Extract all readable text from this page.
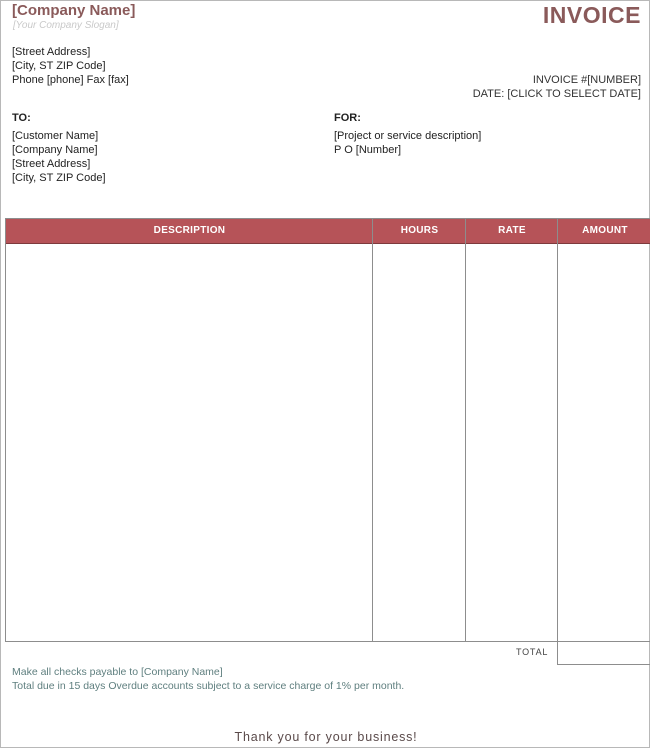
[Company Name]
[Your Company Slogan]	INVOICE
[Street Address]
[City, ST ZIP Code]
Phone [phone] Fax [fax]	INVOICE #[NUMBER]
DATE: [CLICK TO SELECT DATE]
TO:	FOR:
[Customer Name]
[Company Name]
[Street Address]
[City, ST ZIP Code]
[Project or service description]
P O [Number]
DESCRIPTION	HOURS	RATE	AMOUNT
TOTAL
Make all checks payable to [Company Name]
Total due in 15 days Overdue accounts subject to a service charge of 1% per month.
Thank you for your business!
